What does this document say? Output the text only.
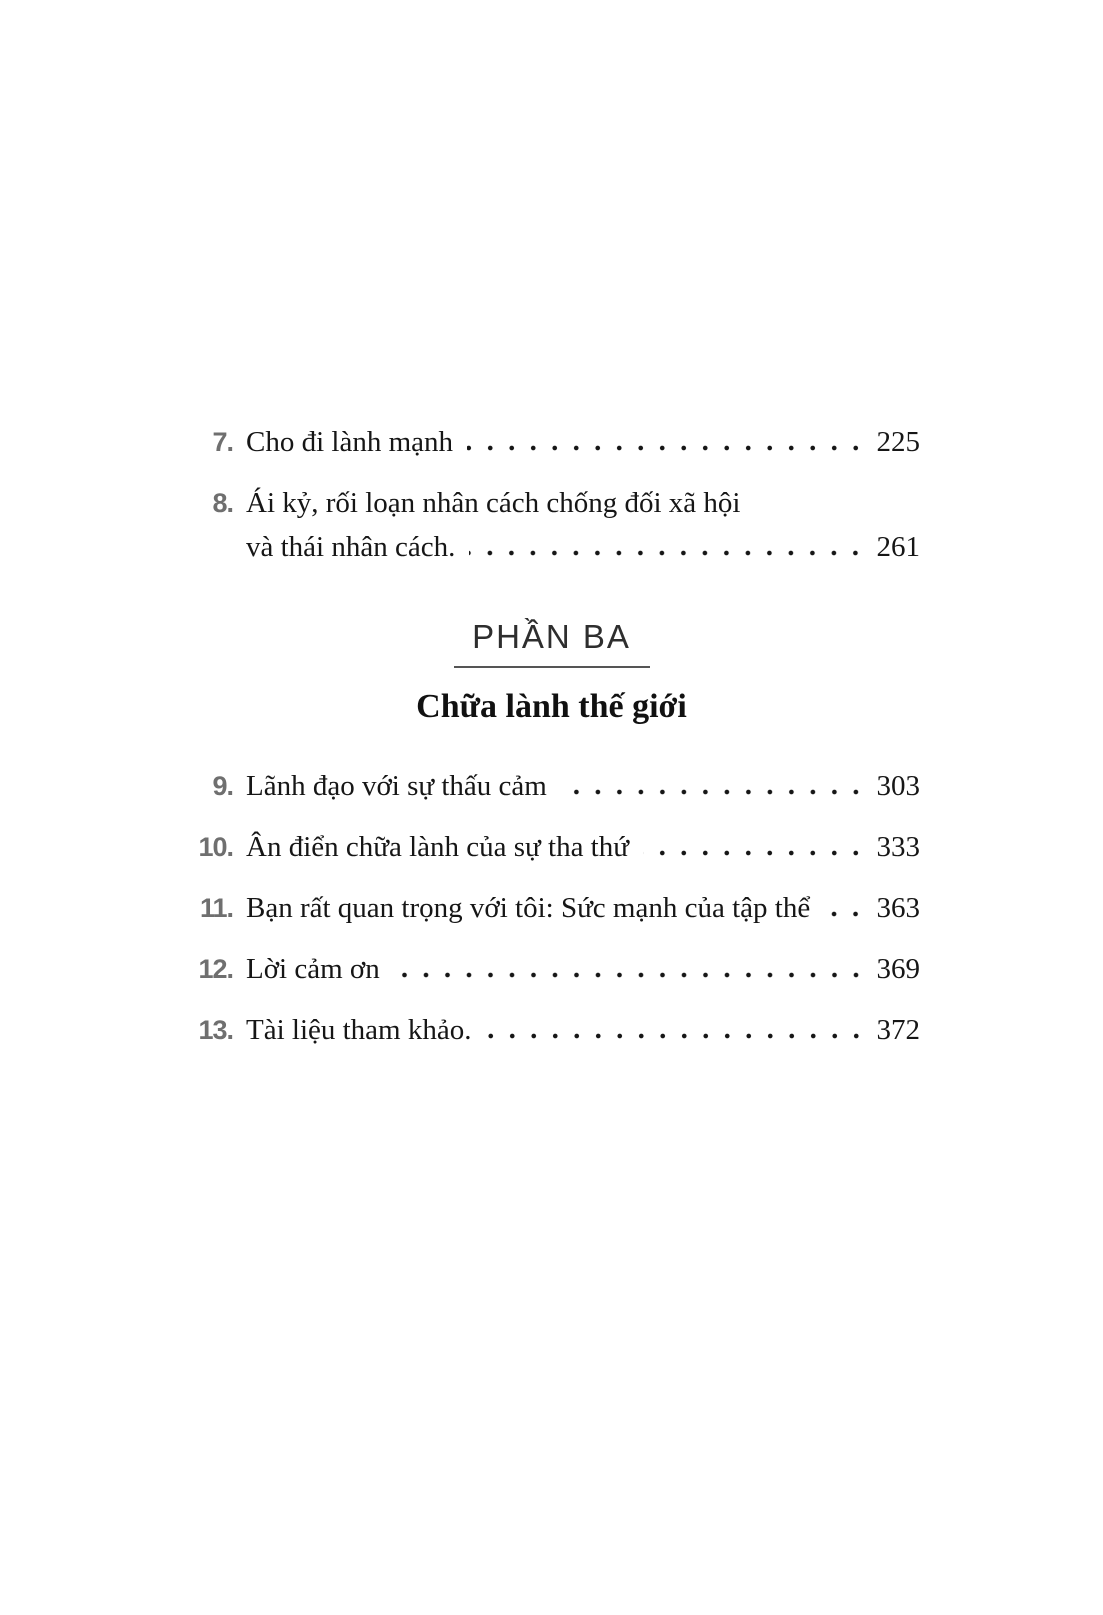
7. Cho đi lành mạnh	225
8. Ái kỷ, rối loạn nhân cách chống đối xã hội
và thái nhân cách.	261
PHẦN BA
Chữa lành thế giới
9. Lãnh đạo với sự thấu cảm	303
10. Ân điển chữa lành của sự tha thứ	333
11. Bạn rất quan trọng với tôi: Sức mạnh của tập thể 363
12. Lời cảm ơn	369
13. Tài liệu tham khảo.	372
